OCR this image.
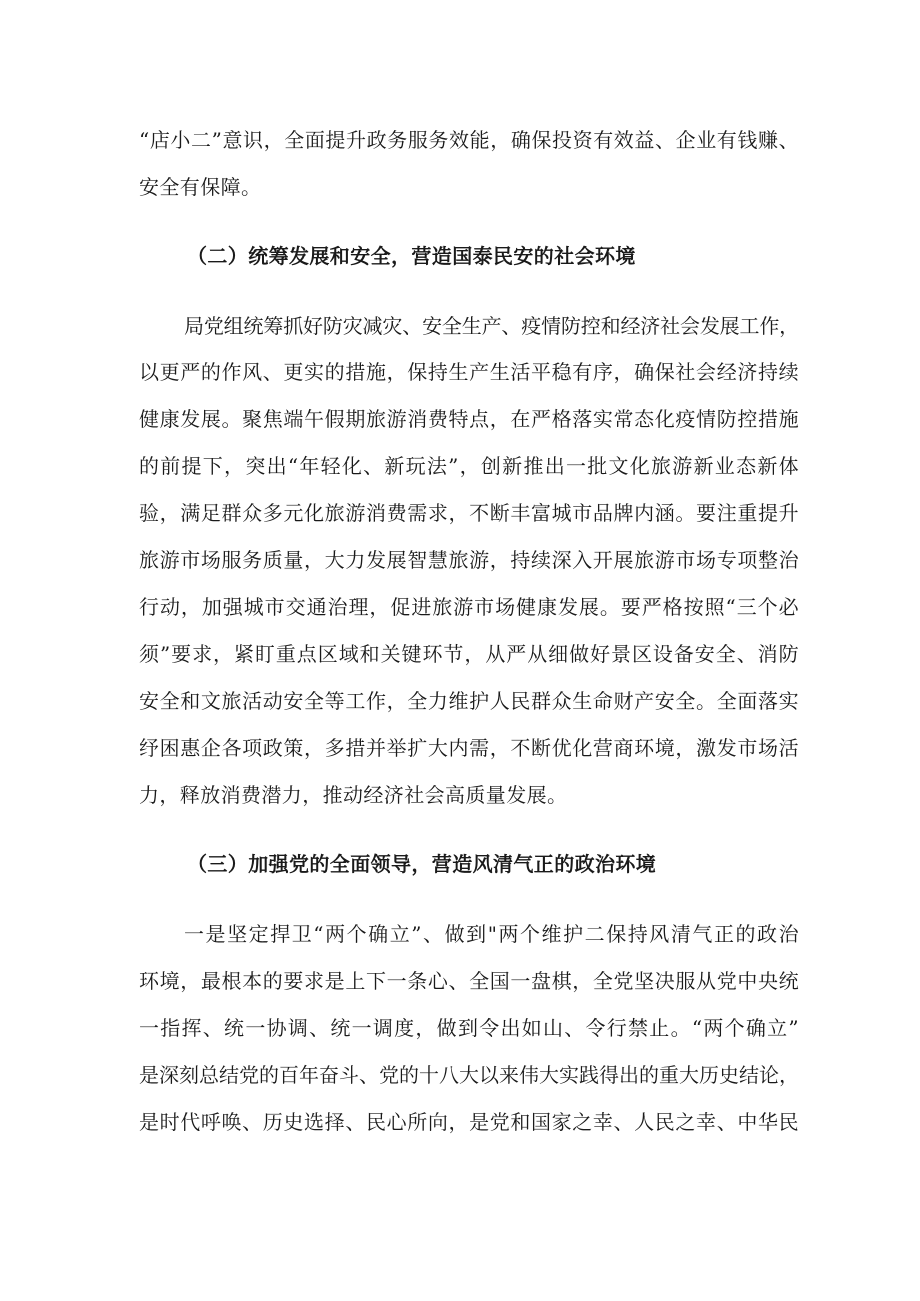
“店小二”意识，全面提升政务服务效能，确保投资有效益、企业有钱赚、
安全有保障。
（二）统筹发展和安全，营造国泰民安的社会环境
局党组统筹抓好防灾减灾、安全生产、疫情防控和经济社会发展工作，
以更严的作风、更实的措施，保持生产生活平稳有序，确保社会经济持续
健康发展。聚焦端午假期旅游消费特点，在严格落实常态化疫情防控措施
的前提下，突出“年轻化、新玩法”，创新推出一批文化旅游新业态新体
验，满足群众多元化旅游消费需求，不断丰富城市品牌内涵。要注重提升
旅游市场服务质量，大力发展智慧旅游，持续深入开展旅游市场专项整治
行动，加强城市交通治理，促进旅游市场健康发展。要严格按照“三个必
须”要求，紧盯重点区域和关键环节，从严从细做好景区设备安全、消防
安全和文旅活动安全等工作，全力维护人民群众生命财产安全。全面落实
纾困惠企各项政策，多措并举扩大内需，不断优化营商环境，激发市场活
力，释放消费潜力，推动经济社会高质量发展。
（三）加强党的全面领导，营造风清气正的政治环境
一是坚定捍卫“两个确立”、做到"两个维护二保持风清气正的政治
环境，最根本的要求是上下一条心、全国一盘棋，全党坚决服从党中央统
一指挥、统一协调、统一调度，做到令出如山、令行禁止。“两个确立”
是深刻总结党的百年奋斗、党的十八大以来伟大实践得出的重大历史结论，
是时代呼唤、历史选择、民心所向，是党和国家之幸、人民之幸、中华民
